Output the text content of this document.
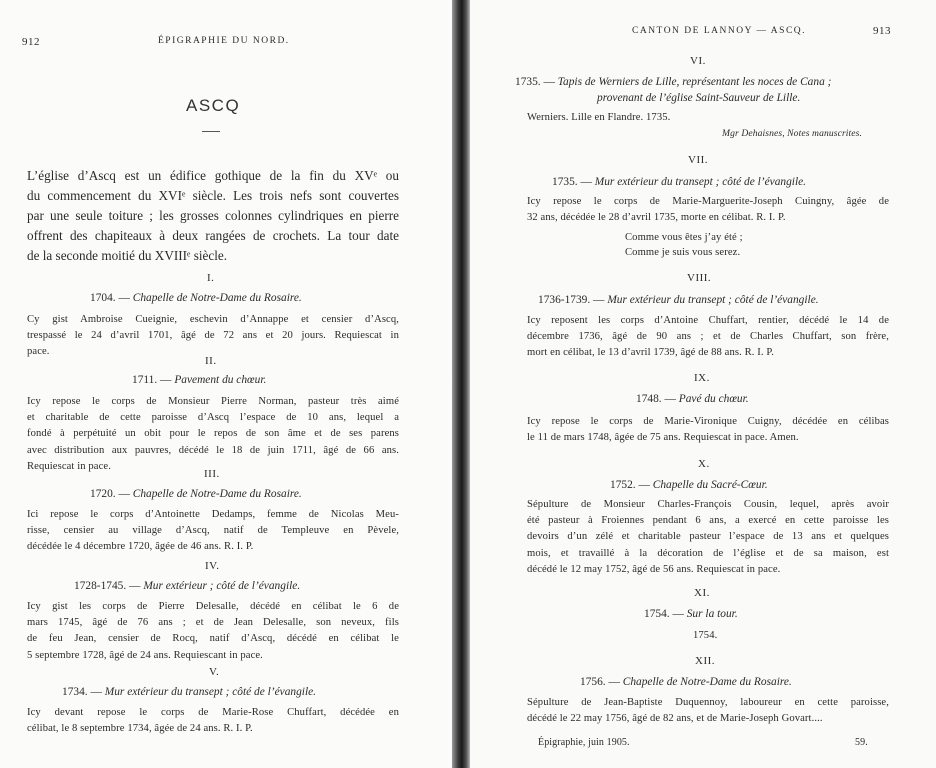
912	ÉPIGRAPHIE DU NORD.
ASCQ
L’église d’Ascq est un édifice gothique de la fin du XVᵉ ou
du commencement du XVIᵉ siècle. Les trois nefs sont couvertes
par une seule toiture ; les grosses colonnes cylindriques en pierre
offrent des chapiteaux à deux rangées de crochets. La tour date
de la seconde moitié du XVIIIᵉ siècle.
I.
1704. — Chapelle de Notre-Dame du Rosaire.
Cy gist Ambroise Cueignie, eschevin d’Annappe et censier d’Ascq,
trespassé le 24 d’avril 1701, âgé de 72 ans et 20 jours. Requiescat in
pace.
II.
1711. — Pavement du chœur.
Icy repose le corps de Monsieur Pierre Norman, pasteur très aimé
et charitable de cette paroisse d’Ascq l’espace de 10 ans, lequel a
fondé à perpétuité un obit pour le repos de son âme et de ses parens
avec distribution aux pauvres, décédé le 18 de juin 1711, âgé de 66 ans.
Requiescat in pace.
III.
1720. — Chapelle de Notre-Dame du Rosaire.
Ici repose le corps d’Antoinette Dedamps, femme de Nicolas Meu-
risse, censier au village d’Ascq, natif de Templeuve en Pèvele,
décédée le 4 décembre 1720, âgée de 46 ans. R. I. P.
IV.
1728-1745. — Mur extérieur ; côté de l’évangile.
Icy gist les corps de Pierre Delesalle, décédé en célibat le 6 de
mars 1745, âgé de 76 ans ; et de Jean Delesalle, son neveux, fils
de feu Jean, censier de Rocq, natif d’Ascq, décédé en célibat le
5 septembre 1728, âgé de 24 ans. Requiescant in pace.
V.
1734. — Mur extérieur du transept ; côté de l’évangile.
Icy devant repose le corps de Marie-Rose Chuffart, décédée en
célibat, le 8 septembre 1734, âgée de 24 ans. R. I. P.
CANTON DE LANNOY — ASCQ.	913
VI.
1735. — Tapis de Werniers de Lille, représentant les noces de Cana ;
provenant de l’église Saint-Sauveur de Lille.
Werniers. Lille en Flandre. 1735.
Mgr Dehaisnes, Notes manuscrites.
VII.
1735. — Mur extérieur du transept ; côté de l’évangile.
Icy repose le corps de Marie-Marguerite-Joseph Cuingny, âgée de
32 ans, décédée le 28 d’avril 1735, morte en célibat. R. I. P.
Comme vous êtes j’ay été ;
Comme je suis vous serez.
VIII.
1736-1739. — Mur extérieur du transept ; côté de l’évangile.
Icy reposent les corps d’Antoine Chuffart, rentier, décédé le 14 de
décembre 1736, âgé de 90 ans ; et de Charles Chuffart, son frère,
mort en célibat, le 13 d’avril 1739, âgé de 88 ans. R. I. P.
IX.
1748. — Pavé du chœur.
Icy repose le corps de Marie-Vironique Cuigny, décédée en célibas
le 11 de mars 1748, âgée de 75 ans. Requiescat in pace. Amen.
X.
1752. — Chapelle du Sacré-Cœur.
Sépulture de Monsieur Charles-François Cousin, lequel, après avoir
été pasteur à Froiennes pendant 6 ans, a exercé en cette paroisse les
devoirs d’un zélé et charitable pasteur l’espace de 13 ans et quelques
mois, et travaillé à la décoration de l’église et de sa maison, est
décédé le 12 may 1752, âgé de 56 ans. Requiescat in pace.
XI.
1754. — Sur la tour.
1754.
XII.
1756. — Chapelle de Notre-Dame du Rosaire.
Sépulture de Jean-Baptiste Duquennoy, laboureur en cette paroisse,
décédé le 22 may 1756, âgé de 82 ans, et de Marie-Joseph Govart....
Épigraphie, juin 1905.	59.
